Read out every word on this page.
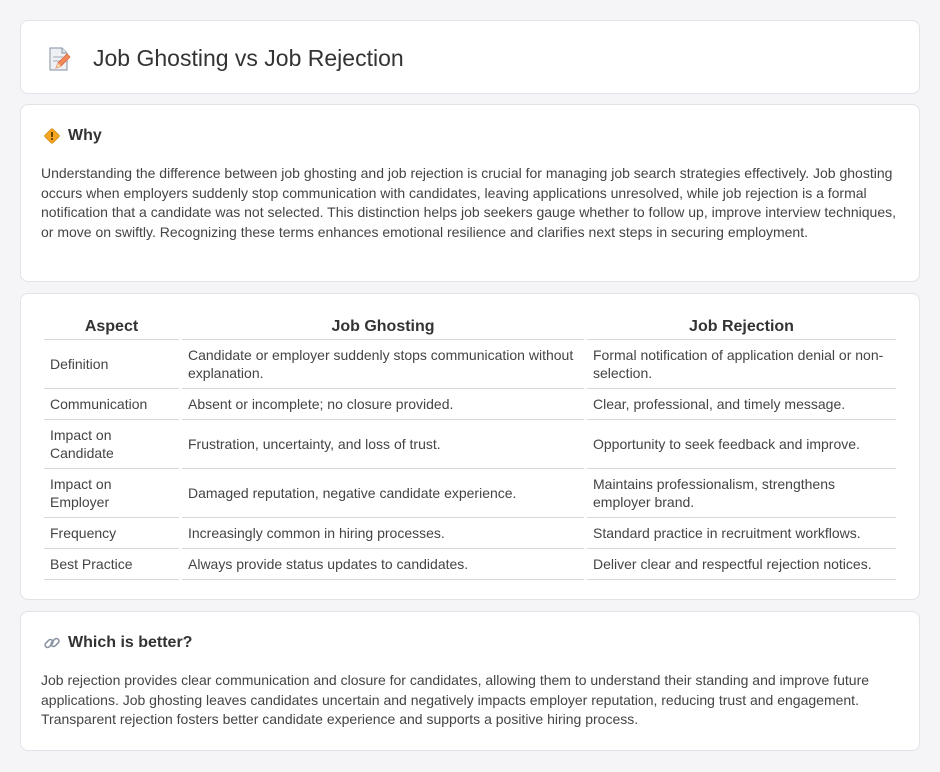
Job Ghosting vs Job Rejection
Why

Understanding the difference between job ghosting and job rejection is crucial for managing job search strategies effectively. Job ghosting occurs when employers suddenly stop communication with candidates, leaving applications unresolved, while job rejection is a formal notification that a candidate was not selected. This distinction helps job seekers gauge whether to follow up, improve interview techniques, or move on swiftly. Recognizing these terms enhances emotional resilience and clarifies next steps in securing employment.

Aspect	Job Ghosting	Job Rejection
Definition	Candidate or employer suddenly stops communication without explanation.	Formal notification of application denial or non-selection.
Communication	Absent or incomplete; no closure provided.	Clear, professional, and timely message.
Impact on Candidate	Frustration, uncertainty, and loss of trust.	Opportunity to seek feedback and improve.
Impact on Employer	Damaged reputation, negative candidate experience.	Maintains professionalism, strengthens employer brand.
Frequency	Increasingly common in hiring processes.	Standard practice in recruitment workflows.
Best Practice	Always provide status updates to candidates.	Deliver clear and respectful rejection notices.
Which is better?

Job rejection provides clear communication and closure for candidates, allowing them to understand their standing and improve future applications. Job ghosting leaves candidates uncertain and negatively impacts employer reputation, reducing trust and engagement. Transparent rejection fosters better candidate experience and supports a positive hiring process.
